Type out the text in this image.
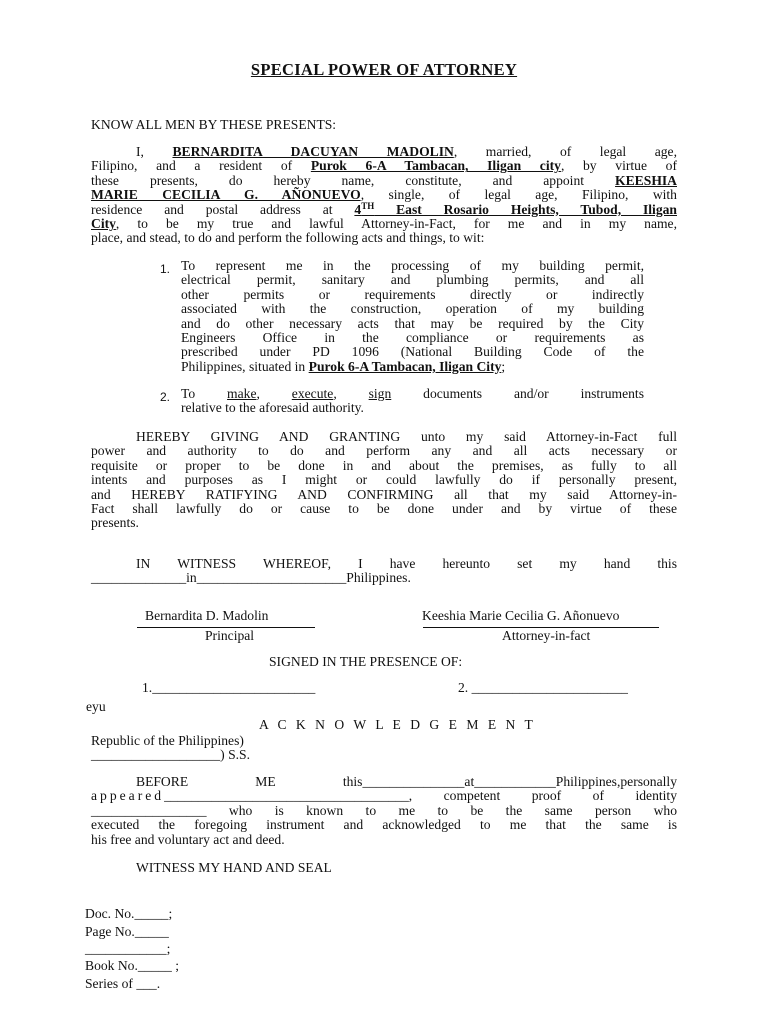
SPECIAL POWER OF ATTORNEY
KNOW ALL MEN BY THESE PRESENTS:
I, BERNARDITA DACUYAN MADOLIN, married, of legal age,
Filipino, and a resident of Purok 6-A Tambacan, Iligan city, by virtue of
these presents, do hereby name, constitute, and appoint KEESHIA
MARIE CECILIA G. AÑONUEVO, single, of legal age, Filipino, with
residence and postal address at 4TH East Rosario Heights, Tubod, Iligan
City, to be my true and lawful Attorney-in-Fact, for me and in my name,
place, and stead, to do and perform the following acts and things, to wit:
1. To represent me in the processing of my building permit,
electrical permit, sanitary and plumbing permits, and all
other permits or requirements directly or indirectly
associated with the construction, operation of my building
and do other necessary acts that may be required by the City
Engineers Office in the compliance or requirements as
prescribed under PD 1096 (National Building Code of the
Philippines, situated in Purok 6-A Tambacan, Iligan City;
2. To make, execute, sign documents and/or instruments
relative to the aforesaid authority.
HEREBY GIVING AND GRANTING unto my said Attorney-in-Fact full
power and authority to do and perform any and all acts necessary or
requisite or proper to be done in and about the premises, as fully to all
intents and purposes as I might or could lawfully do if personally present,
and HEREBY RATIFYING AND CONFIRMING all that my said Attorney-in-
Fact shall lawfully do or cause to be done under and by virtue of these
presents.
IN WITNESS WHEREOF, I have hereunto set my hand this
______________in______________________Philippines.
Bernardita D. Madolin
Principal
Keeshia Marie Cecilia G. Añonuevo
Attorney-in-fact
SIGNED IN THE PRESENCE OF:
1.________________________	2. _______________________
eyu
A C K N O W L E D G E M E N T
Republic of the Philippines)
___________________) S.S.
BEFORE ME this_______________at____________Philippines,personally
appeared____________________________________, competent proof of identity
_________________ who is known to me to be the same person who
executed the foregoing instrument and acknowledged to me that the same is
his free and voluntary act and deed.
WITNESS MY HAND AND SEAL
Doc. No._____;
Page No._____
____________;
Book No._____ ;
Series of ___.
